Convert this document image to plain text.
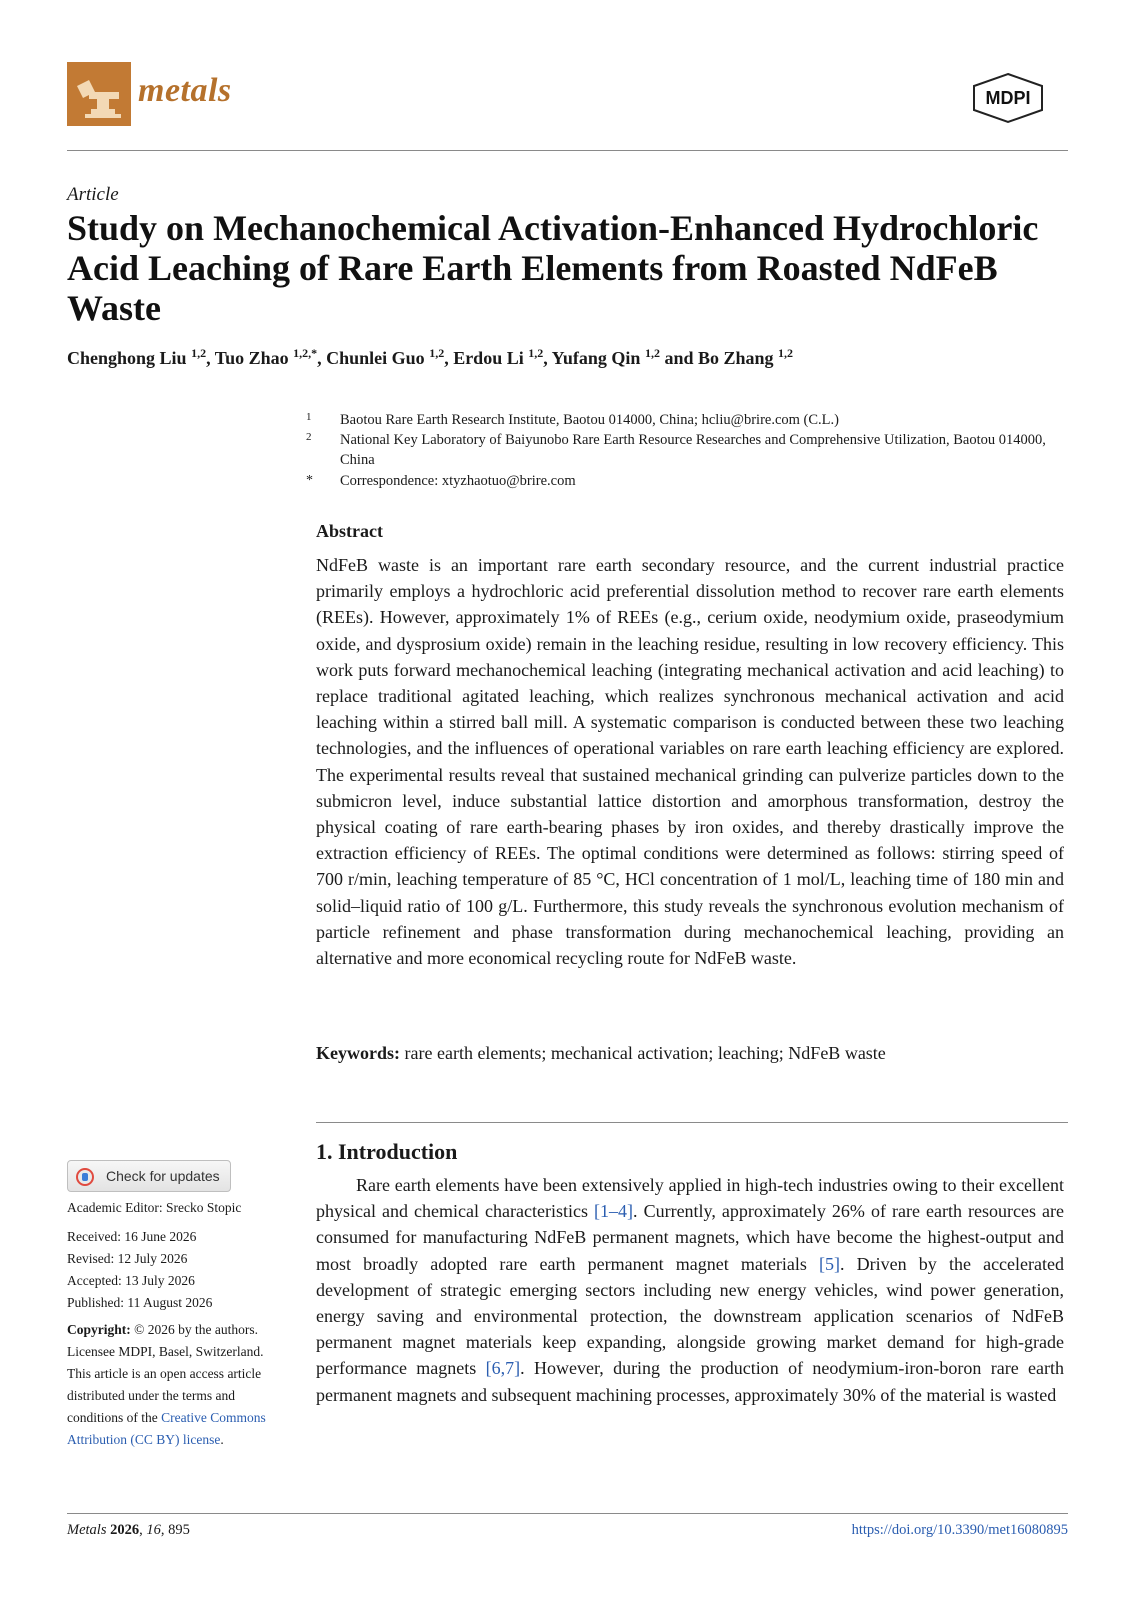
metals	MDPI
Article
Study on Mechanochemical Activation-Enhanced Hydrochloric Acid Leaching of Rare Earth Elements from Roasted NdFeB Waste
Chenghong Liu $^{1,2}$, Tuo Zhao $^{1,2,*}$, Chunlei Guo $^{1,2}$, Erdou Li $^{1,2}$, Yufang Qin $^{1,2}$ and Bo Zhang $^{1,2}$
1 Baotou Rare Earth Research Institute, Baotou 014000, China; hcliu@brire.com (C.L.)
2 National Key Laboratory of Baiyunobo Rare Earth Resource Researches and Comprehensive Utilization, Baotou 014000, China
* Correspondence: xtyzhaotuo@brire.com
Abstract
NdFeB waste is an important rare earth secondary resource, and the current industrial practice primarily employs a hydrochloric acid preferential dissolution method to recover rare earth elements (REEs). However, approximately 1% of REEs (e.g., cerium oxide, neodymium oxide, praseodymium oxide, and dysprosium oxide) remain in the leaching residue, resulting in low recovery efficiency. This work puts forward mechanochemical leaching (integrating mechanical activation and acid leaching) to replace traditional agitated leaching, which realizes synchronous mechanical activation and acid leaching within a stirred ball mill. A systematic comparison is conducted between these two leaching technologies, and the influences of operational variables on rare earth leaching efficiency are explored. The experimental results reveal that sustained mechanical grinding can pulverize particles down to the submicron level, induce substantial lattice distortion and amorphous transformation, destroy the physical coating of rare earth-bearing phases by iron oxides, and thereby drastically improve the extraction efficiency of REEs. The optimal conditions were determined as follows: stirring speed of 700 r/min, leaching temperature of 85 °C, HCl concentration of 1 mol/L, leaching time of 180 min and solid–liquid ratio of 100 g/L. Furthermore, this study reveals the synchronous evolution mechanism of particle refinement and phase transformation during mechanochemical leaching, providing an alternative and more economical recycling route for NdFeB waste.
Keywords: rare earth elements; mechanical activation; leaching; NdFeB waste
Check for updates
Academic Editor: Srecko Stopic
Received: 16 June 2026
Revised: 12 July 2026
Accepted: 13 July 2026
Published: 11 August 2026
Copyright: © 2026 by the authors. Licensee MDPI, Basel, Switzerland. This article is an open access article distributed under the terms and conditions of the Creative Commons Attribution (CC BY) license.
1. Introduction
Rare earth elements have been extensively applied in high-tech industries owing to their excellent physical and chemical characteristics [1–4]. Currently, approximately 26% of rare earth resources are consumed for manufacturing NdFeB permanent magnets, which have become the highest-output and most broadly adopted rare earth permanent magnet materials [5]. Driven by the accelerated development of strategic emerging sectors including new energy vehicles, wind power generation, energy saving and environmental protection, the downstream application scenarios of NdFeB permanent magnet materials keep expanding, alongside growing market demand for high-grade performance magnets [6,7]. However, during the production of neodymium-iron-boron rare earth permanent magnets and subsequent machining processes, approximately 30% of the material is wasted
Metals 2026, 16, 895	https://doi.org/10.3390/met16080895
